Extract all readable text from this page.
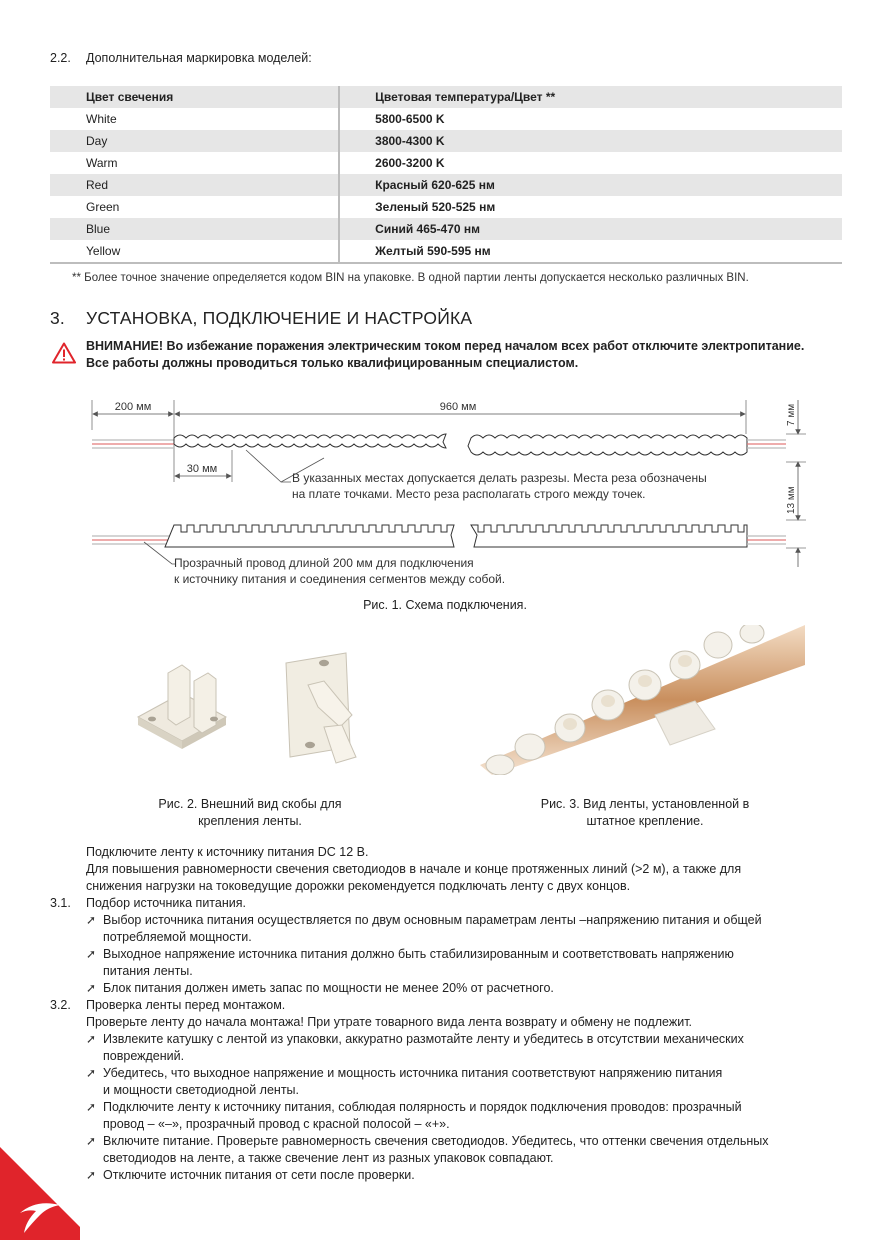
2.2. Дополнительная маркировка моделей:
Цвет свечения	Цветовая температура/Цвет **
White	5800-6500 K
Day	3800-4300 K
Warm	2600-3200 K
Red	Красный 620-625 нм
Green	Зеленый 520-525 нм
Blue	Синий 465-470 нм
Yellow	Желтый 590-595 нм
** Более точное значение определяется кодом BIN на упаковке. В одной партии ленты допускается несколько различных BIN.
3. УСТАНОВКА, ПОДКЛЮЧЕНИЕ И НАСТРОЙКА
ВНИМАНИЕ! Во избежание поражения электрическим током перед началом всех работ отключите электропитание.
Все работы должны проводиться только квалифицированным специалистом.
200 мм	960 мм	7 мм
30 мм
В указанных местах допускается делать разрезы. Места реза обозначены
на плате точками. Место реза располагать строго между точек.	13 мм
Прозрачный провод длиной 200 мм для подключения
к источнику питания и соединения сегментов между собой.
Рис. 1. Схема подключения.
Рис. 2. Внешний вид скобы для
крепления ленты.
Рис. 3. Вид ленты, установленной в
штатное крепление.
Подключите ленту к источнику питания DC 12 В.
Для повышения равномерности свечения светодиодов в начале и конце протяженных линий (>2 м), а также для
снижения нагрузки на токоведущие дорожки рекомендуется подключать ленту с двух концов.
3.1. Подбор источника питания.
➚ Выбор источника питания осуществляется по двум основным параметрам ленты –напряжению питания и общей
потребляемой мощности.
➚ Выходное напряжение источника питания должно быть стабилизированным и соответствовать напряжению
питания ленты.
➚ Блок питания должен иметь запас по мощности не менее 20% от расчетного.
3.2. Проверка ленты перед монтажом.
Проверьте ленту до начала монтажа! При утрате товарного вида лента возврату и обмену не подлежит.
➚ Извлеките катушку с лентой из упаковки, аккуратно размотайте ленту и убедитесь в отсутствии механических
повреждений.
➚ Убедитесь, что выходное напряжение и мощность источника питания соответствуют напряжению питания
и мощности светодиодной ленты.
➚ Подключите ленту к источнику питания, соблюдая полярность и порядок подключения проводов: прозрачный
провод – «–», прозрачный провод с красной полосой – «+».
➚ Включите питание. Проверьте равномерность свечения светодиодов. Убедитесь, что оттенки свечения отдельных
светодиодов на ленте, а также свечение лент из разных упаковок совпадают.
➚ Отключите источник питания от сети после проверки.
